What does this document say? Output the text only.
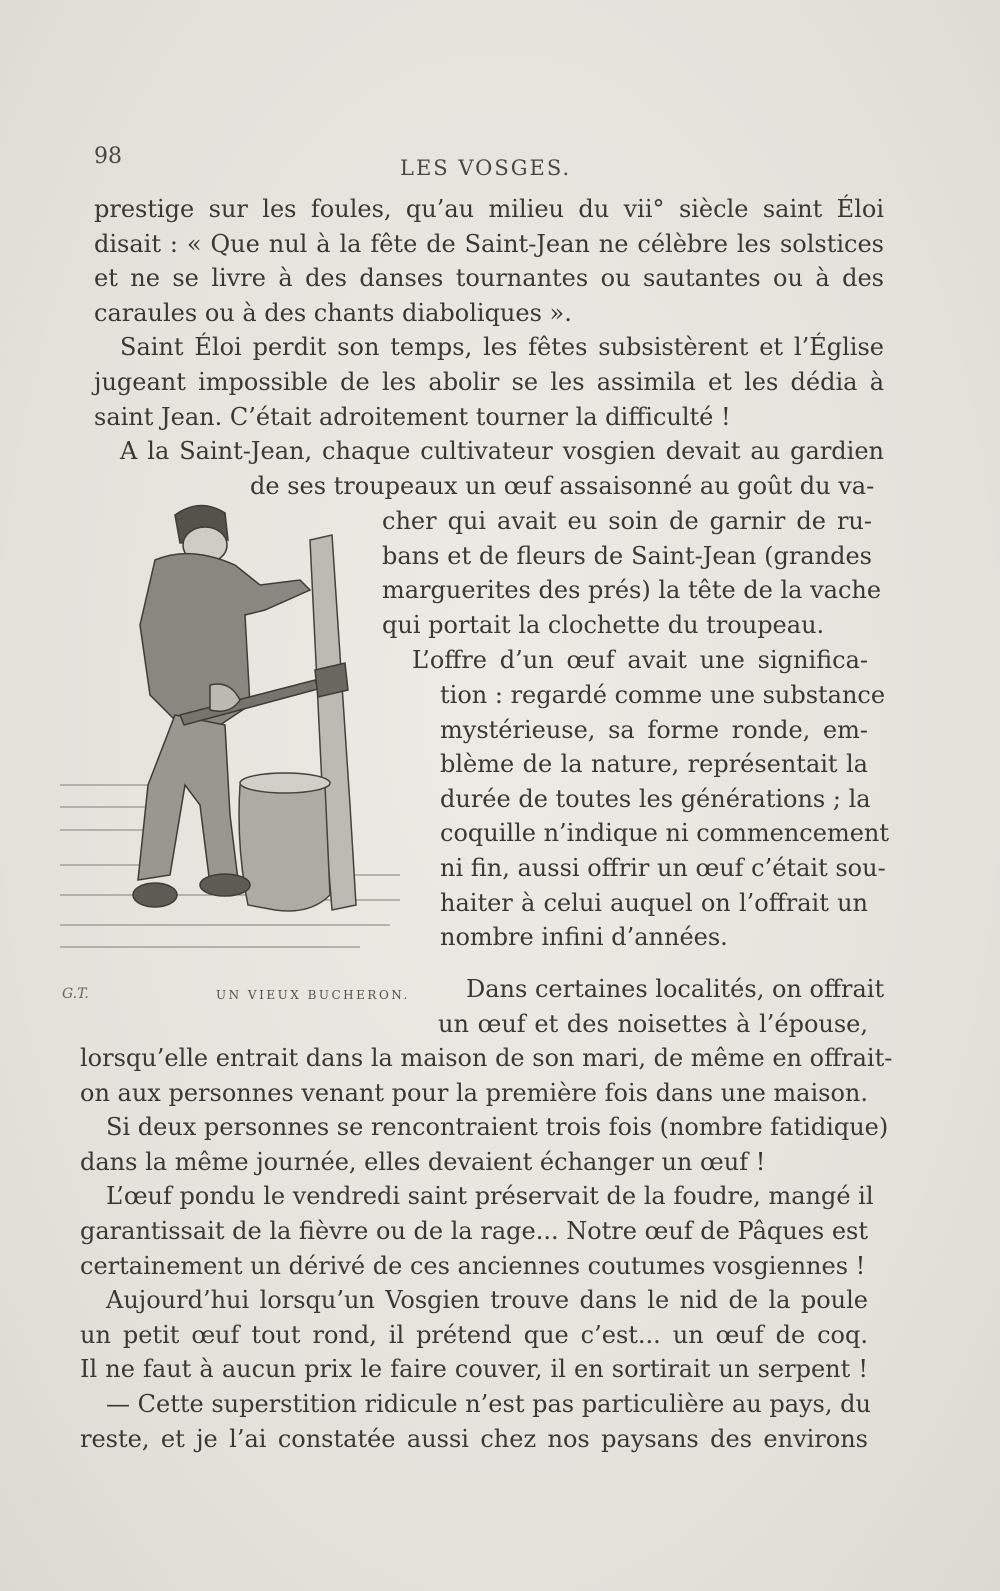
98	LES VOSGES.
prestige sur les foules, qu’au milieu du vii° siècle saint Éloi
disait : « Que nul à la fête de Saint-Jean ne célèbre les solstices
et ne se livre à des danses tournantes ou sautantes ou à des
caraules ou à des chants diaboliques ».
Saint Éloi perdit son temps, les fêtes subsistèrent et l’Église
jugeant impossible de les abolir se les assimila et les dédia à
saint Jean. C’était adroitement tourner la difficulté !
A la Saint-Jean, chaque cultivateur vosgien devait au gardien
de ses troupeaux un œuf assaisonné au goût du va-
cher qui avait eu soin de garnir de ru-
bans et de fleurs de Saint-Jean (grandes
marguerites des prés) la tête de la vache
qui portait la clochette du troupeau.
L’offre d’un œuf avait une significa-
tion : regardé comme une substance
mystérieuse, sa forme ronde, em-
blème de la nature, représentait la
durée de toutes les générations ; la
coquille n’indique ni commencement
ni fin, aussi offrir un œuf c’était sou-
haiter à celui auquel on l’offrait un
nombre infini d’années.
Dans certaines localités, on offrait
un œuf et des noisettes à l’épouse,
lorsqu’elle entrait dans la maison de son mari, de même en offrait-
on aux personnes venant pour la première fois dans une maison.
Si deux personnes se rencontraient trois fois (nombre fatidique)
dans la même journée, elles devaient échanger un œuf !
L’œuf pondu le vendredi saint préservait de la foudre, mangé il
garantissait de la fièvre ou de la rage... Notre œuf de Pâques est
certainement un dérivé de ces anciennes coutumes vosgiennes !
Aujourd’hui lorsqu’un Vosgien trouve dans le nid de la poule
un petit œuf tout rond, il prétend que c’est... un œuf de coq.
Il ne faut à aucun prix le faire couver, il en sortirait un serpent !
— Cette superstition ridicule n’est pas particulière au pays, du
reste, et je l’ai constatée aussi chez nos paysans des environs
UN VIEUX BUCHERON.
G.T.
